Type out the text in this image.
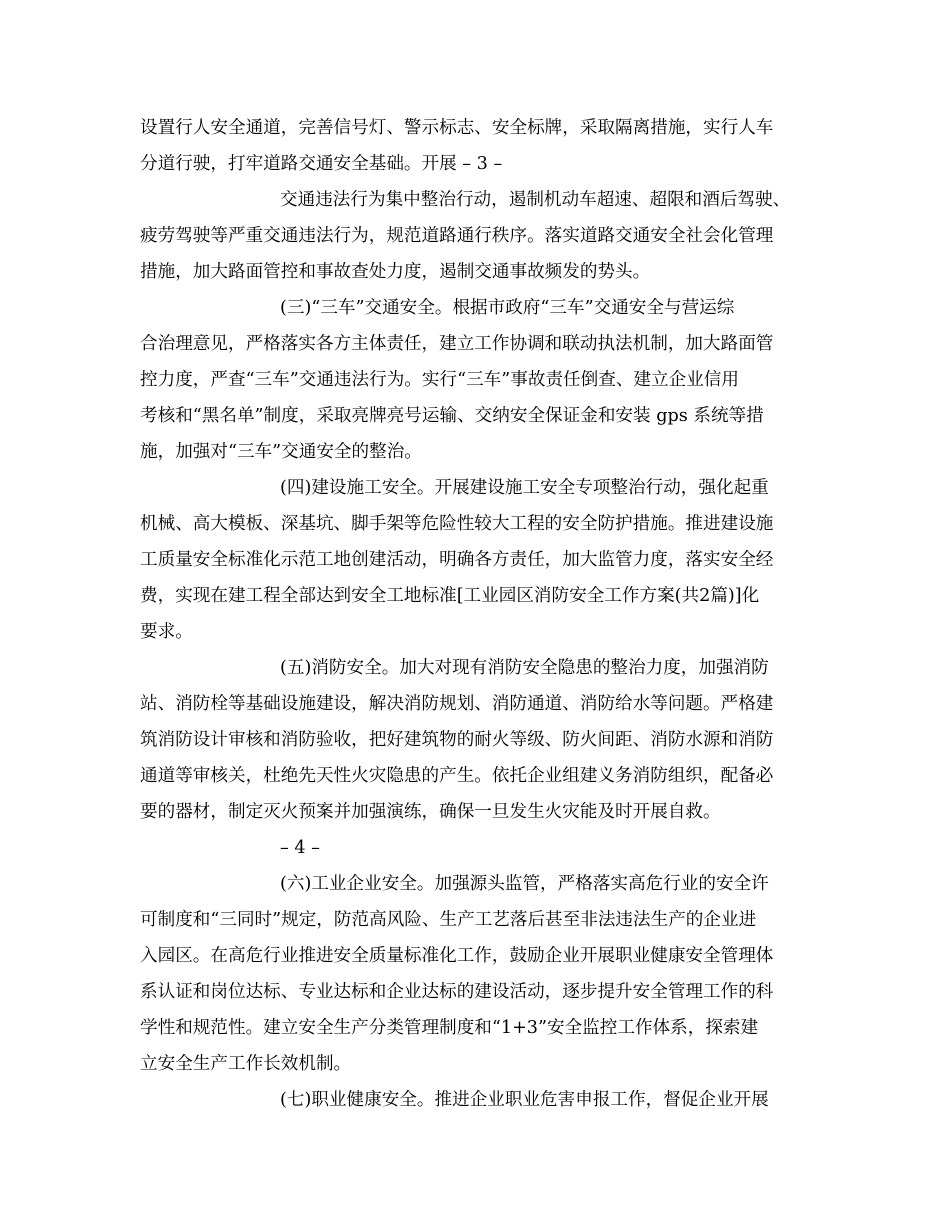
设置行人安全通道，完善信号灯、警示标志、安全标牌，采取隔离措施，实行人车
分道行驶，打牢道路交通安全基础。开展 – 3 –
交通违法行为集中整治行动，遏制机动车超速、超限和酒后驾驶、
疲劳驾驶等严重交通违法行为，规范道路通行秩序。落实道路交通安全社会化管理
措施，加大路面管控和事故查处力度，遏制交通事故频发的势头。
(三)“三车”交通安全。根据市政府“三车”交通安全与营运综
合治理意见，严格落实各方主体责任，建立工作协调和联动执法机制，加大路面管
控力度，严查“三车”交通违法行为。实行“三车”事故责任倒查、建立企业信用
考核和“黑名单”制度，采取亮牌亮号运输、交纳安全保证金和安装 gps 系统等措
施，加强对“三车”交通安全的整治。
(四)建设施工安全。开展建设施工安全专项整治行动，强化起重
机械、高大模板、深基坑、脚手架等危险性较大工程的安全防护措施。推进建设施
工质量安全标准化示范工地创建活动，明确各方责任，加大监管力度，落实安全经
费，实现在建工程全部达到安全工地标准[工业园区消防安全工作方案(共2篇)]化
要求。
(五)消防安全。加大对现有消防安全隐患的整治力度，加强消防
站、消防栓等基础设施建设，解决消防规划、消防通道、消防给水等问题。严格建
筑消防设计审核和消防验收，把好建筑物的耐火等级、防火间距、消防水源和消防
通道等审核关，杜绝先天性火灾隐患的产生。依托企业组建义务消防组织，配备必
要的器材，制定灭火预案并加强演练，确保一旦发生火灾能及时开展自救。
– 4 –
(六)工业企业安全。加强源头监管，严格落实高危行业的安全许
可制度和“三同时”规定，防范高风险、生产工艺落后甚至非法违法生产的企业进
入园区。在高危行业推进安全质量标准化工作，鼓励企业开展职业健康安全管理体
系认证和岗位达标、专业达标和企业达标的建设活动，逐步提升安全管理工作的科
学性和规范性。建立安全生产分类管理制度和“1+3”安全监控工作体系，探索建
立安全生产工作长效机制。
(七)职业健康安全。推进企业职业危害申报工作，督促企业开展
